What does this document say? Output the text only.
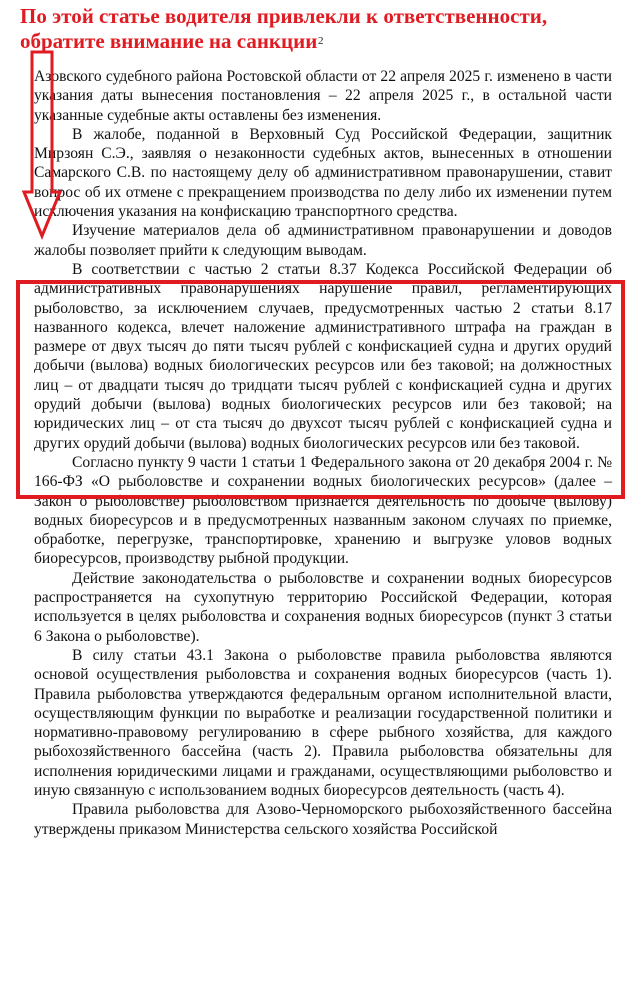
По этой статье водителя привлекли к ответственности, обратите внимание на санкции 2

Азовского судебного района Ростовской области от 22 апреля 2025 г. изменено в части указания даты вынесения постановления – 22 апреля 2025 г., в остальной части указанные судебные акты оставлены без изменения.

В жалобе, поданной в Верховный Суд Российской Федерации, защитник Мирзоян С.Э., заявляя о незаконности судебных актов, вынесенных в отношении Самарского С.В. по настоящему делу об административном правонарушении, ставит вопрос об их отмене с прекращением производства по делу либо их изменении путем исключения указания на конфискацию транспортного средства.

Изучение материалов дела об административном правонарушении и доводов жалобы позволяет прийти к следующим выводам.

В соответствии с частью 2 статьи 8.37 Кодекса Российской Федерации об административных правонарушениях нарушение правил, регламентирующих рыболовство, за исключением случаев, предусмотренных частью 2 статьи 8.17 названного кодекса, влечет наложение административного штрафа на граждан в размере от двух тысяч до пяти тысяч рублей с конфискацией судна и других орудий добычи (вылова) водных биологических ресурсов или без таковой; на должностных лиц – от двадцати тысяч до тридцати тысяч рублей с конфискацией судна и других орудий добычи (вылова) водных биологических ресурсов или без таковой; на юридических лиц – от ста тысяч до двухсот тысяч рублей с конфискацией судна и других орудий добычи (вылова) водных биологических ресурсов или без таковой.

Согласно пункту 9 части 1 статьи 1 Федерального закона от 20 декабря 2004 г. № 166-ФЗ «О рыболовстве и сохранении водных биологических ресурсов» (далее – Закон о рыболовстве) рыболовством признается деятельность по добыче (вылову) водных биоресурсов и в предусмотренных названным законом случаях по приемке, обработке, перегрузке, транспортировке, хранению и выгрузке уловов водных биоресурсов, производству рыбной продукции.

Действие законодательства о рыболовстве и сохранении водных биоресурсов распространяется на сухопутную территорию Российской Федерации, которая используется в целях рыболовства и сохранения водных биоресурсов (пункт 3 статьи 6 Закона о рыболовстве).

В силу статьи 43.1 Закона о рыболовстве правила рыболовства являются основой осуществления рыболовства и сохранения водных биоресурсов (часть 1). Правила рыболовства утверждаются федеральным органом исполнительной власти, осуществляющим функции по выработке и реализации государственной политики и нормативно-правовому регулированию в сфере рыбного хозяйства, для каждого рыбохозяйственного бассейна (часть 2). Правила рыболовства обязательны для исполнения юридическими лицами и гражданами, осуществляющими рыболовство и иную связанную с использованием водных биоресурсов деятельность (часть 4).

Правила рыболовства для Азово-Черноморского рыбохозяйственного бассейна утверждены приказом Министерства сельского хозяйства Российской
